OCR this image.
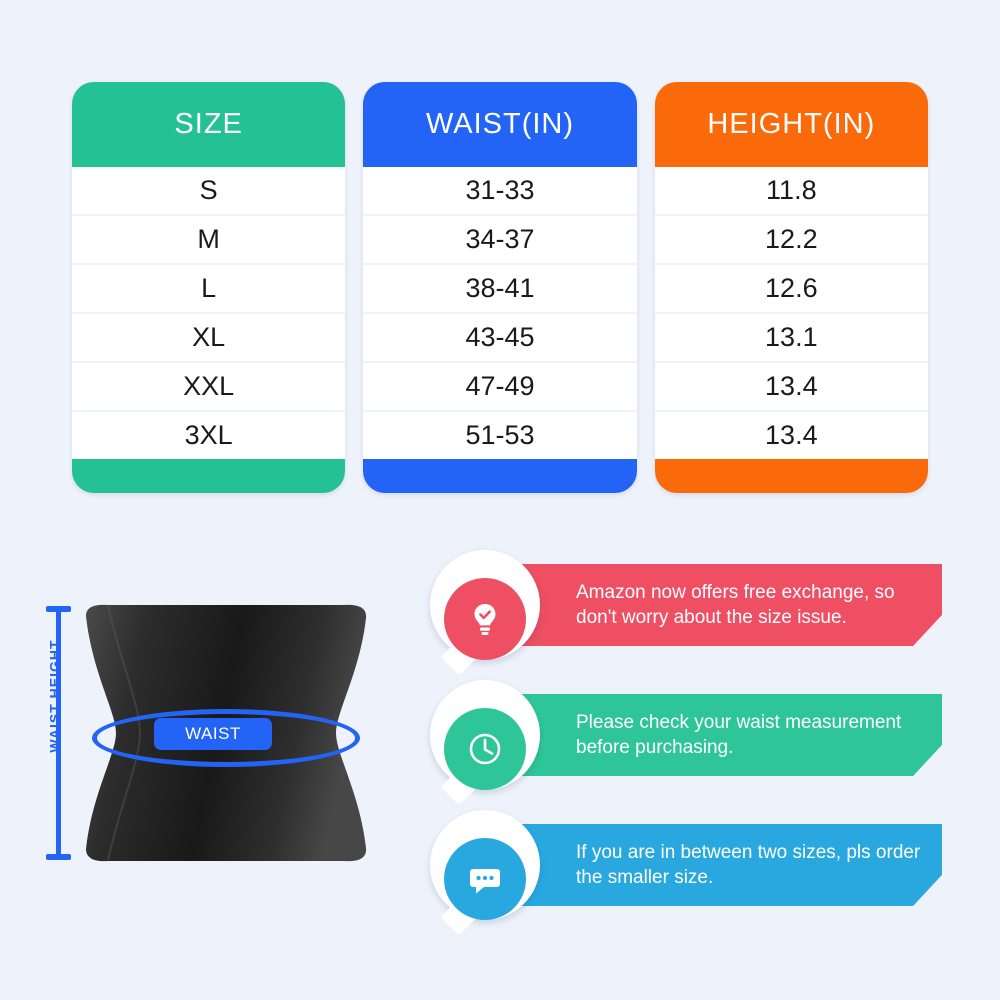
SIZE
S
M
L
XL
XXL
3XL
WAIST(IN)
31-33
34-37
38-41
43-45
47-49
51-53
HEIGHT(IN)
11.8
12.2
12.6
13.1
13.4
13.4
WAIST
WAIST HEIGHT
Amazon now offers free exchange, so don't worry about the size issue.
Please check your waist measurement before purchasing.
If you are in between two sizes, pls order the smaller size.
